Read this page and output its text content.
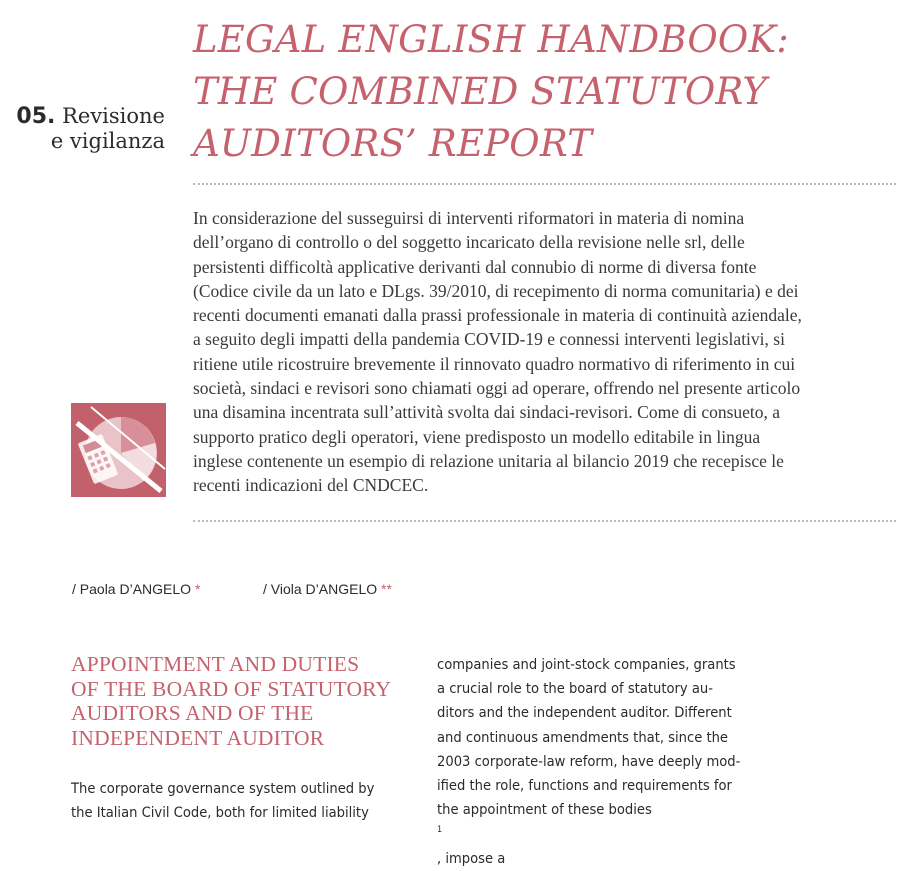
05. Revisione
e vigilanza
LEGAL ENGLISH HANDBOOK:
THE COMBINED STATUTORY
AUDITORS’ REPORT
In considerazione del susseguirsi di interventi riformatori in materia di nomina
dell’organo di controllo o del soggetto incaricato della revisione nelle srl, delle
persistenti difficoltà applicative derivanti dal connubio di norme di diversa fonte
(Codice civile da un lato e DLgs. 39/2010, di recepimento di norma comunitaria) e dei
recenti documenti emanati dalla prassi professionale in materia di continuità aziendale,
a seguito degli impatti della pandemia COVID-19 e connessi interventi legislativi, si
ritiene utile ricostruire brevemente il rinnovato quadro normativo di riferimento in cui
società, sindaci e revisori sono chiamati oggi ad operare, offrendo nel presente articolo
una disamina incentrata sull’attività svolta dai sindaci-revisori. Come di consueto, a
supporto pratico degli operatori, viene predisposto un modello editabile in lingua
inglese contenente un esempio di relazione unitaria al bilancio 2019 che recepisce le
recenti indicazioni del CNDCEC.
/ Paola D’ANGELO *	/ Viola D’ANGELO **
APPOINTMENT AND DUTIES
OF THE BOARD OF STATUTORY
AUDITORS AND OF THE
INDEPENDENT AUDITOR
The corporate governance system outlined by
the Italian Civil Code, both for limited liability
companies and joint-stock companies, grants
a crucial role to the board of statutory au-
ditors and the independent auditor. Different
and continuous amendments that, since the
2003 corporate-law reform, have deeply mod-
ified the role, functions and requirements for
the appointment of these bodies
$^1$
, impose a
